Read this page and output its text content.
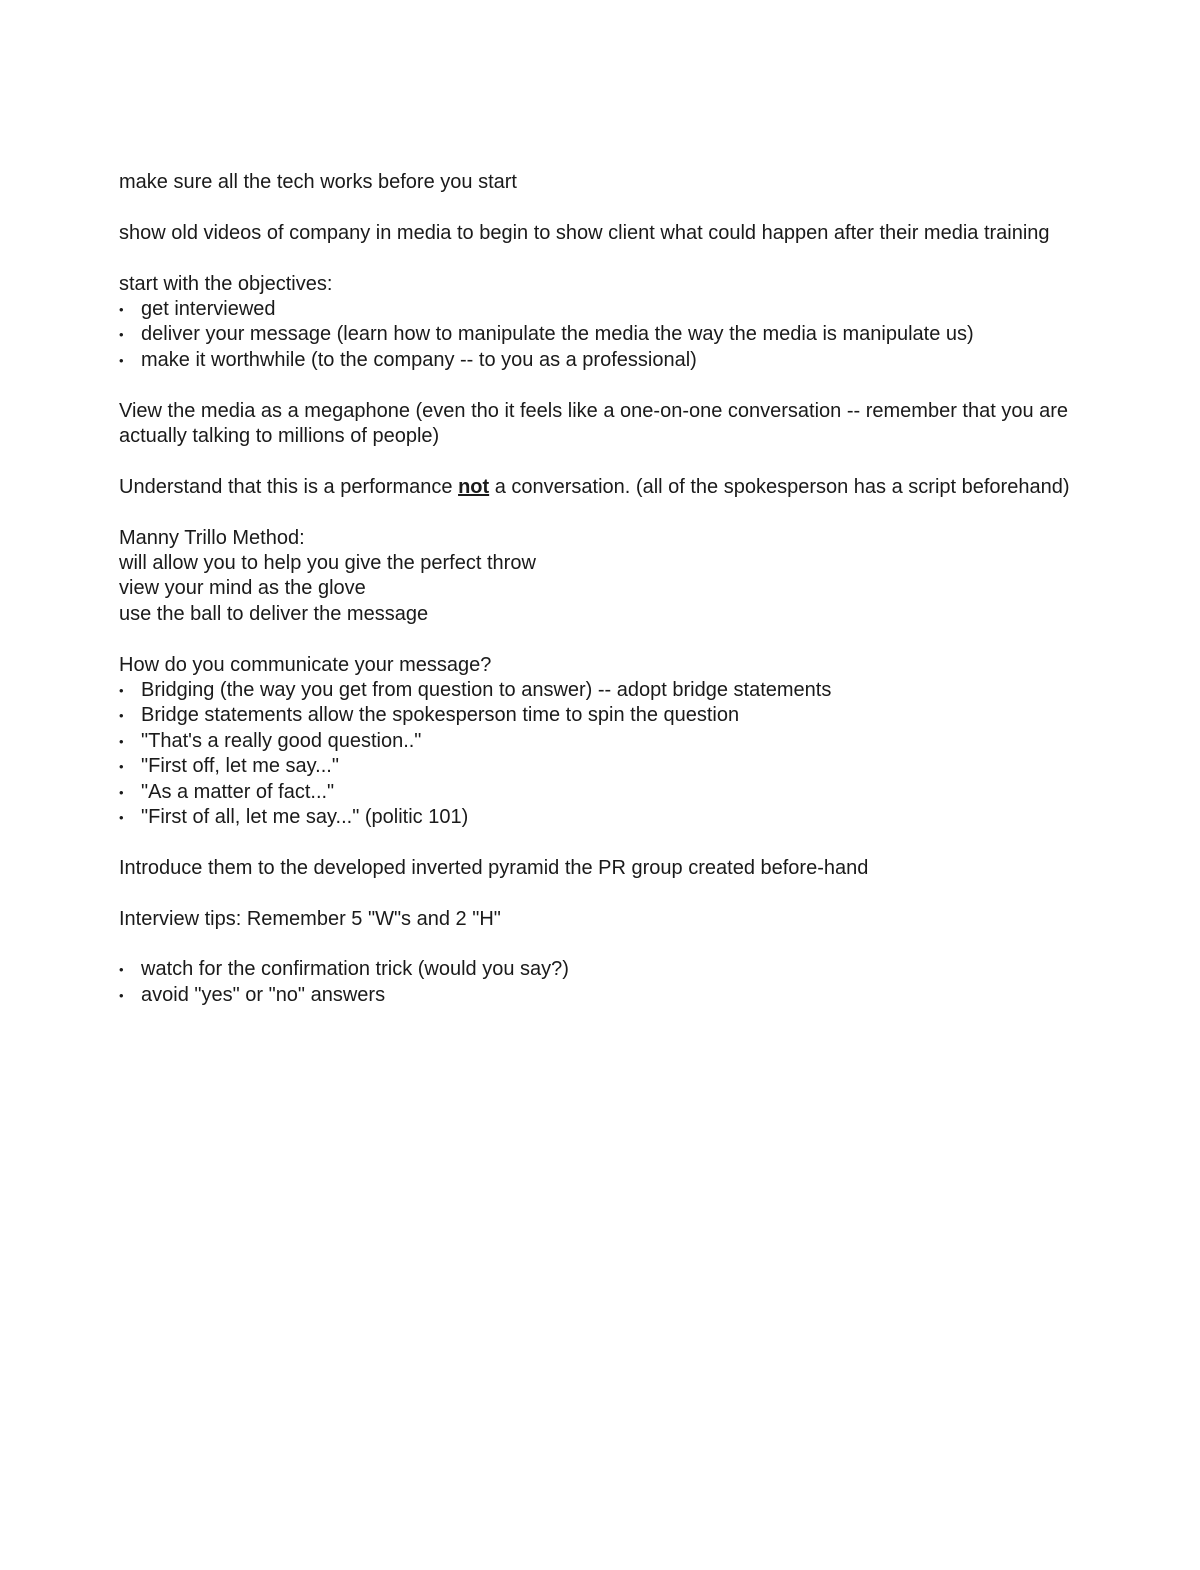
make sure all the tech works before you start

show old videos of company in media to begin to show client what could happen after their media training

start with the objectives:

• get interviewed
• deliver your message (learn how to manipulate the media the way the media is manipulate us)
• make it worthwhile (to the company -- to you as a professional)

View the media as a megaphone (even tho it feels like a one-on-one conversation -- remember that you are actually talking to millions of people)

Understand that this is a performance not a conversation. (all of the spokesperson has a script beforehand)

Manny Trillo Method:

will allow you to help you give the perfect throw

view your mind as the glove

use the ball to deliver the message

How do you communicate your message?

• Bridging (the way you get from question to answer) -- adopt bridge statements
• Bridge statements allow the spokesperson time to spin the question
• "That's a really good question.."
• "First off, let me say..."
• "As a matter of fact..."
• "First of all, let me say..." (politic 101)

Introduce them to the developed inverted pyramid the PR group created before-hand

Interview tips: Remember 5 "W"s and 2 "H"

• watch for the confirmation trick (would you say?)
• avoid "yes" or "no" answers
